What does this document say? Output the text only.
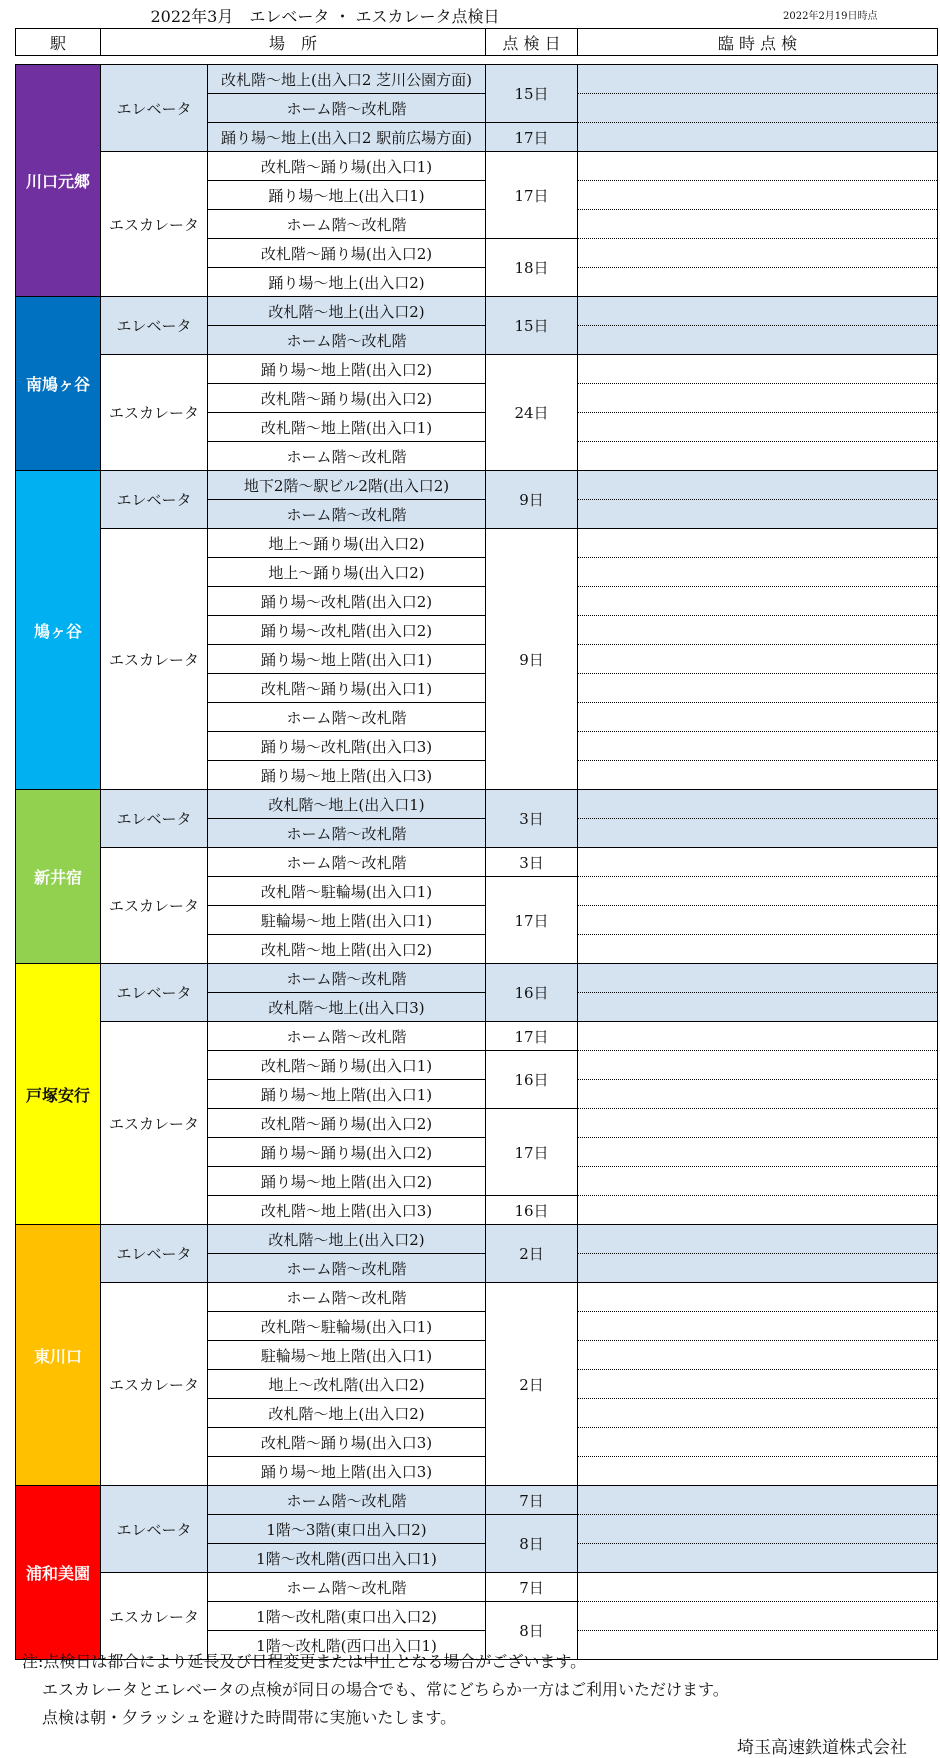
2022年3月　エレベータ ・ エスカレータ点検日	2022年2月19日時点
駅	場　所	点 検 日	臨 時 点 検
川口元郷	エレベータ	改札階～地上(出入口2 芝川公園方面)	15日	
		ホーム階～改札階		
		踊り場～地上(出入口2 駅前広場方面)	17日	
	エスカレータ	改札階～踊り場(出入口1)	17日	
		踊り場～地上(出入口1)		
		ホーム階～改札階		
		改札階～踊り場(出入口2)	18日	
		踊り場～地上(出入口2)		
南鳩ヶ谷	エレベータ	改札階～地上(出入口2)	15日	
		ホーム階～改札階		
	エスカレータ	踊り場～地上階(出入口2)	24日	
		改札階～踊り場(出入口2)		
		改札階～地上階(出入口1)		
		ホーム階～改札階		
鳩ヶ谷	エレベータ	地下2階～駅ビル2階(出入口2)	9日	
		ホーム階～改札階		
	エスカレータ	地上～踊り場(出入口2)	9日	
		地上～踊り場(出入口2)		
		踊り場～改札階(出入口2)		
		踊り場～改札階(出入口2)		
		踊り場～地上階(出入口1)		
		改札階～踊り場(出入口1)		
		ホーム階～改札階		
		踊り場～改札階(出入口3)		
		踊り場～地上階(出入口3)		
新井宿	エレベータ	改札階～地上(出入口1)	3日	
		ホーム階～改札階		
	エスカレータ	ホーム階～改札階	3日	
		改札階～駐輪場(出入口1)	17日	
		駐輪場～地上階(出入口1)		
		改札階～地上階(出入口2)		
戸塚安行	エレベータ	ホーム階～改札階	16日	
		改札階～地上(出入口3)		
	エスカレータ	ホーム階～改札階	17日	
		改札階～踊り場(出入口1)	16日	
		踊り場～地上階(出入口1)		
		改札階～踊り場(出入口2)	17日	
		踊り場～踊り場(出入口2)		
		踊り場～地上階(出入口2)		
		改札階～地上階(出入口3)	16日	
東川口	エレベータ	改札階～地上(出入口2)	2日	
		ホーム階～改札階		
	エスカレータ	ホーム階～改札階	2日	
		改札階～駐輪場(出入口1)		
		駐輪場～地上階(出入口1)		
		地上～改札階(出入口2)		
		改札階～地上(出入口2)		
		改札階～踊り場(出入口3)		
		踊り場～地上階(出入口3)		
浦和美園	エレベータ	ホーム階～改札階	7日	
		1階～3階(東口出入口2)	8日	
		1階～改札階(西口出入口1)		
	エスカレータ	ホーム階～改札階	7日	
		1階～改札階(東口出入口2)	8日	
		1階～改札階(西口出入口1)		
注:点検日は都合により延長及び日程変更または中止となる場合がございます。
エスカレータとエレベータの点検が同日の場合でも、常にどちらか一方はご利用いただけます。
点検は朝・夕ラッシュを避けた時間帯に実施いたします。
埼玉高速鉄道株式会社
